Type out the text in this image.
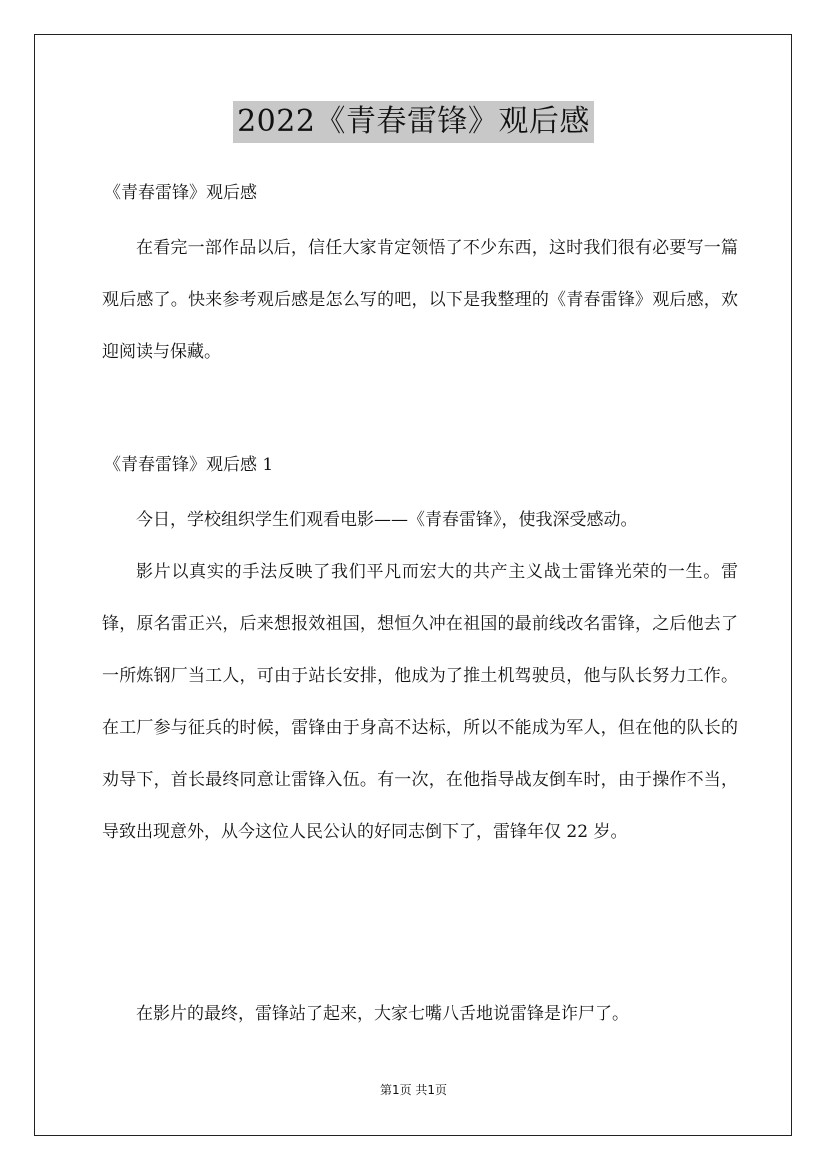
2022《青春雷锋》观后感
《青春雷锋》观后感

在看完一部作品以后，信任大家肯定领悟了不少东西，这时我们很有必要写一篇观后感了。快来参考观后感是怎么写的吧，以下是我整理的《青春雷锋》观后感，欢迎阅读与保藏。

《青春雷锋》观后感 1

今日，学校组织学生们观看电影——《青春雷锋》，使我深受感动。

影片以真实的手法反映了我们平凡而宏大的共产主义战士雷锋光荣的一生。雷锋，原名雷正兴，后来想报效祖国，想恒久冲在祖国的最前线改名雷锋，之后他去了一所炼钢厂当工人，可由于站长安排，他成为了推土机驾驶员，他与队长努力工作。在工厂参与征兵的时候，雷锋由于身高不达标，所以不能成为军人，但在他的队长的劝导下，首长最终同意让雷锋入伍。有一次，在他指导战友倒车时，由于操作不当，导致出现意外，从今这位人民公认的好同志倒下了，雷锋年仅 22 岁。

在影片的最终，雷锋站了起来，大家七嘴八舌地说雷锋是诈尸了。

第1页 共1页
